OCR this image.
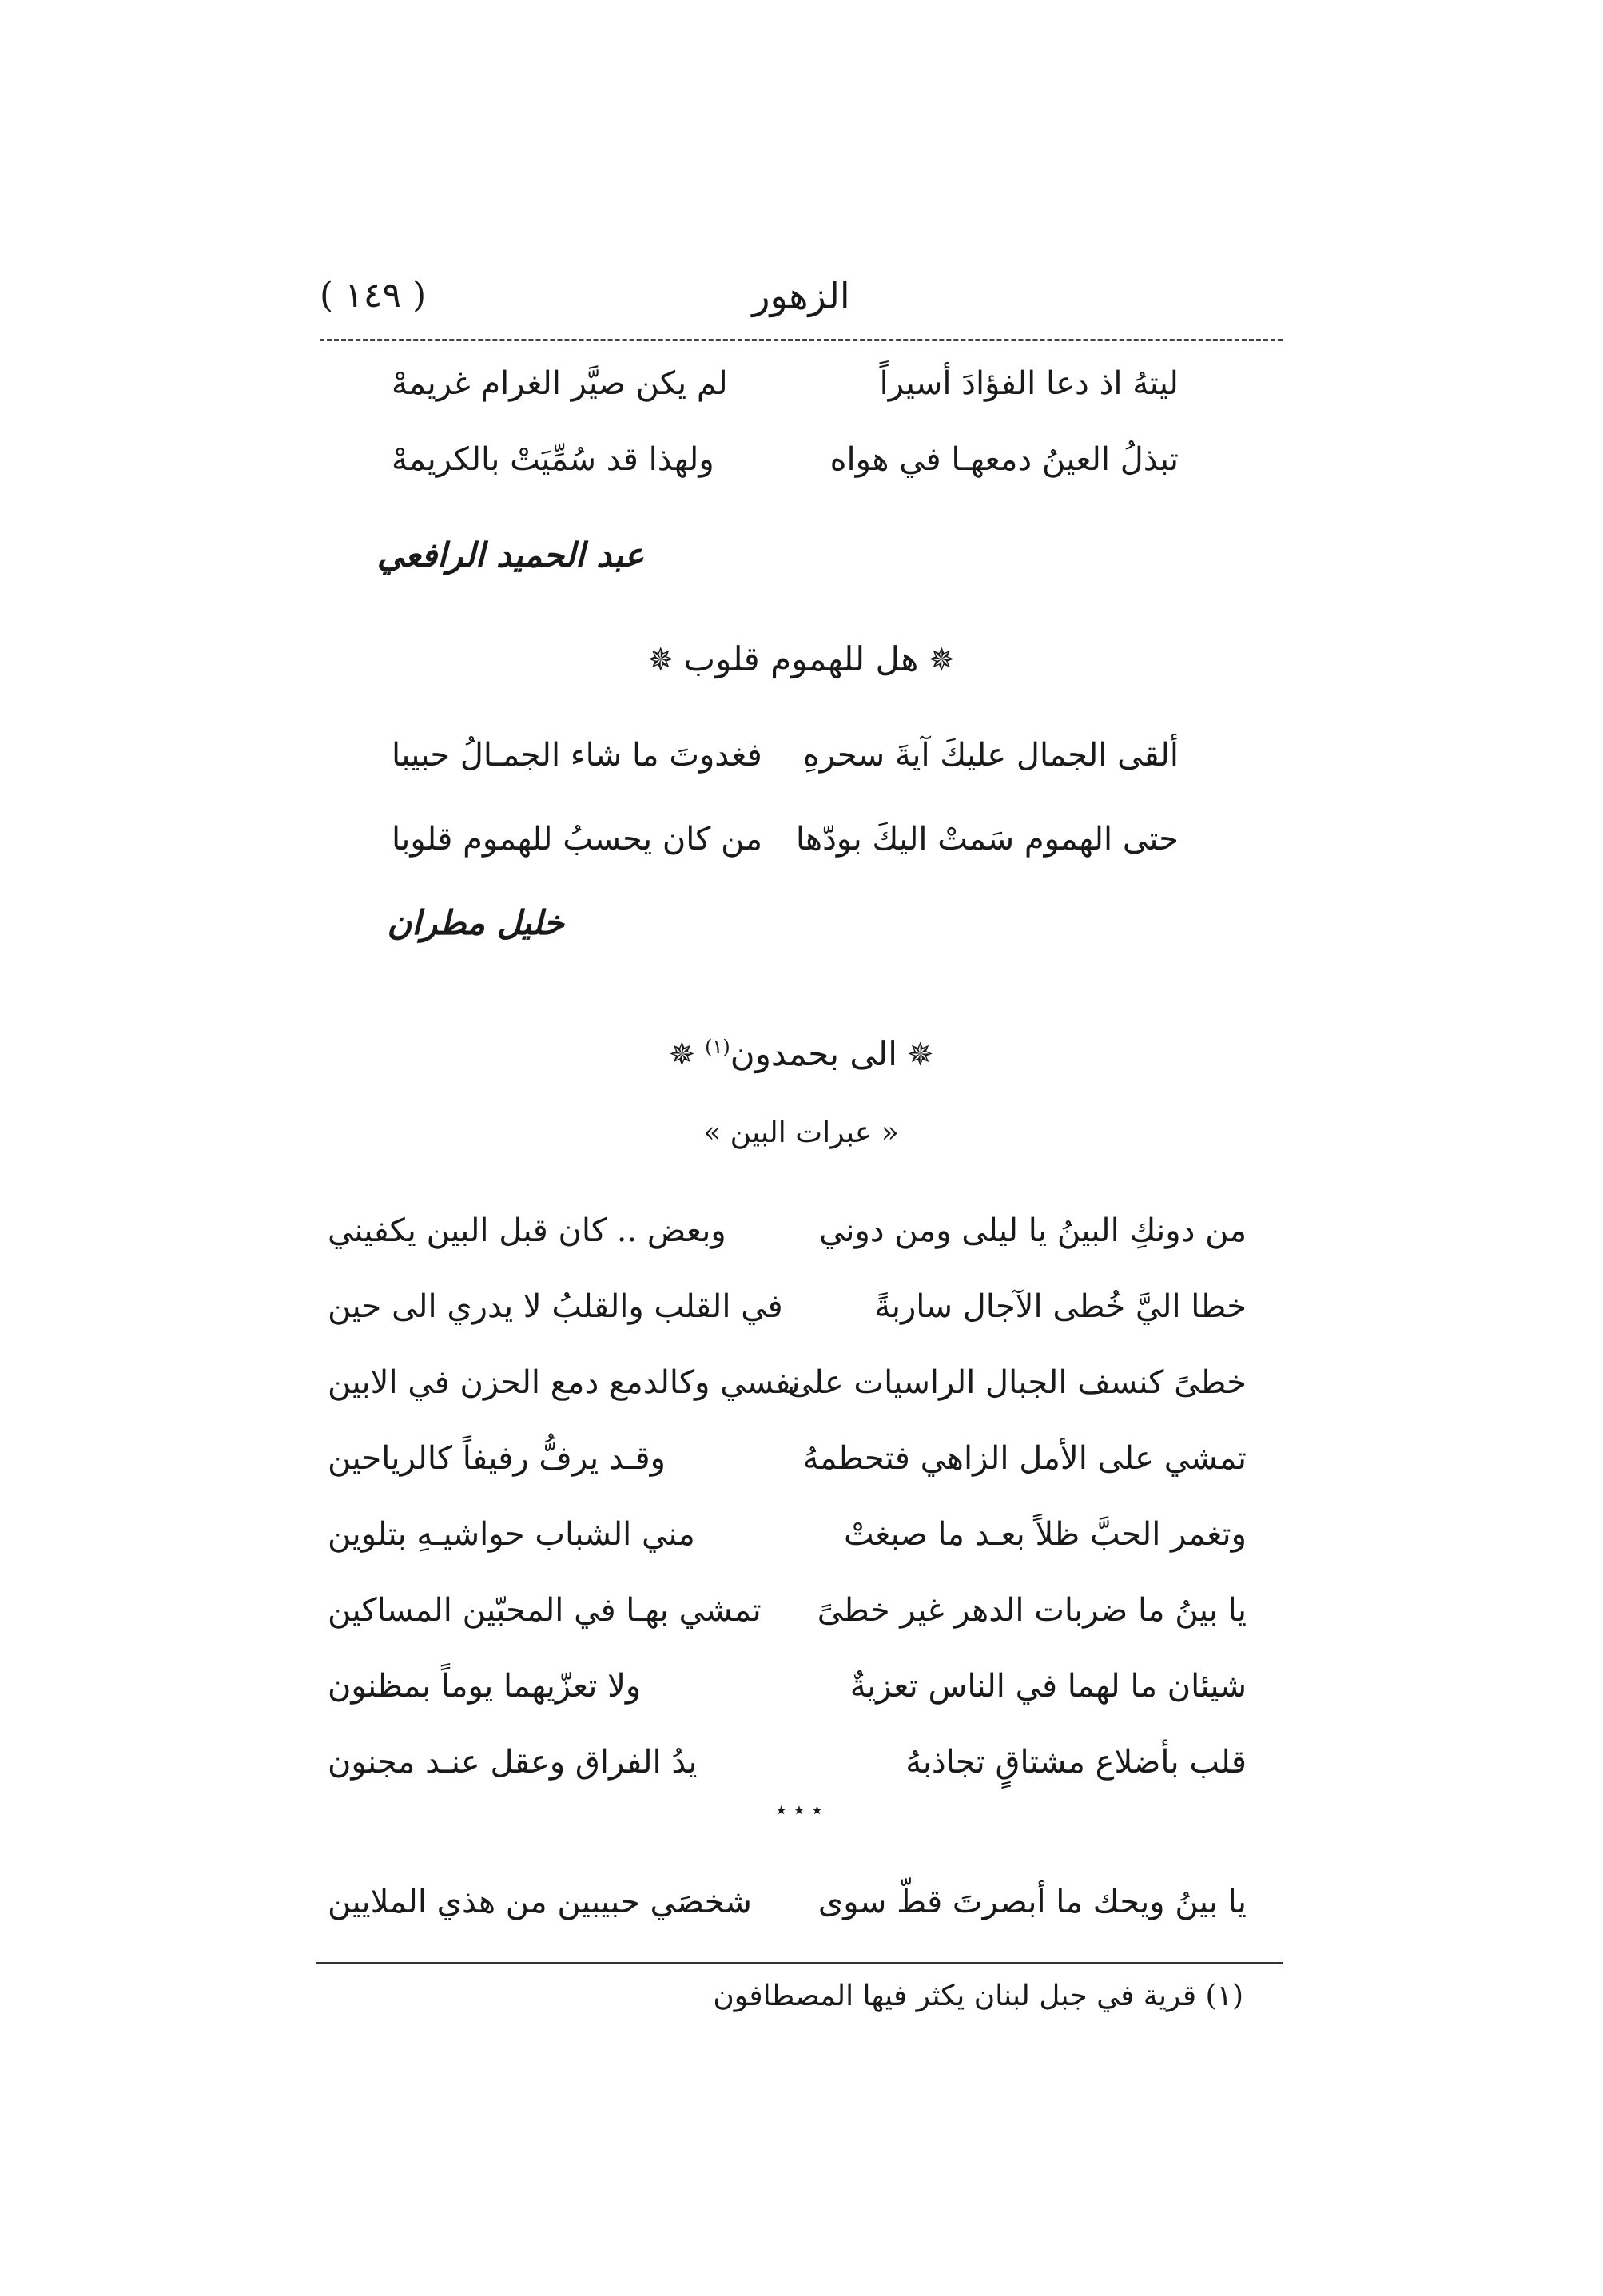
الزهور
( ١٤٩ )
ليتهُ اذ دعا الفؤادَ أسيراً
لم يكن صيَّر الغرام غريمهْ
تبذلُ العينُ دمعهـا في هواه
ولهذا قد سُمِّيَتْ بالكريمهْ
عبد الحميد الرافعي
✵هل للهموم قلوب✵
ألقى الجمال عليكَ آيةَ سحرهِ
فغدوتَ ما شاء الجمـالُ حبيبا
حتى الهموم سَمتْ اليكَ بودّها
من كان يحسبُ للهموم قلوبا
خليل مطران
✵الى بحمدون$^{(١)}$✵
« عبرات البين »
من دونكِ البينُ يا ليلى ومن دوني
وبعض .. كان قبل البين يكفيني
خطا اليَّ خُطى الآجال ساربةً
في القلب والقلبُ لا يدري الى حين
خطىً كنسف الجبال الراسيات على
نفسي وكالدمع دمع الحزن في الابين
تمشي على الأمل الزاهي فتحطمهُ
وقـد يرفُّ رفيفاً كالرياحين
وتغمر الحبَّ ظلاً بعـد ما صبغتْ
مني الشباب حواشيـهِ بتلوين
يا بينُ ما ضربات الدهر غير خطىً
تمشي بهـا في المحبّين المساكين
شيئان ما لهما في الناس تعزيةٌ
ولا تعزّيهما يوماً بمظنون
قلب بأضلاع مشتاقٍ تجاذبهُ
يدُ الفراق وعقل عنـد مجنون
٭ ٭ ٭
يا بينُ ويحك ما أبصرتَ قطّ سوى
شخصَي حبيبين من هذي الملايين
(١) قرية في جبل لبنان يكثر فيها المصطافون
